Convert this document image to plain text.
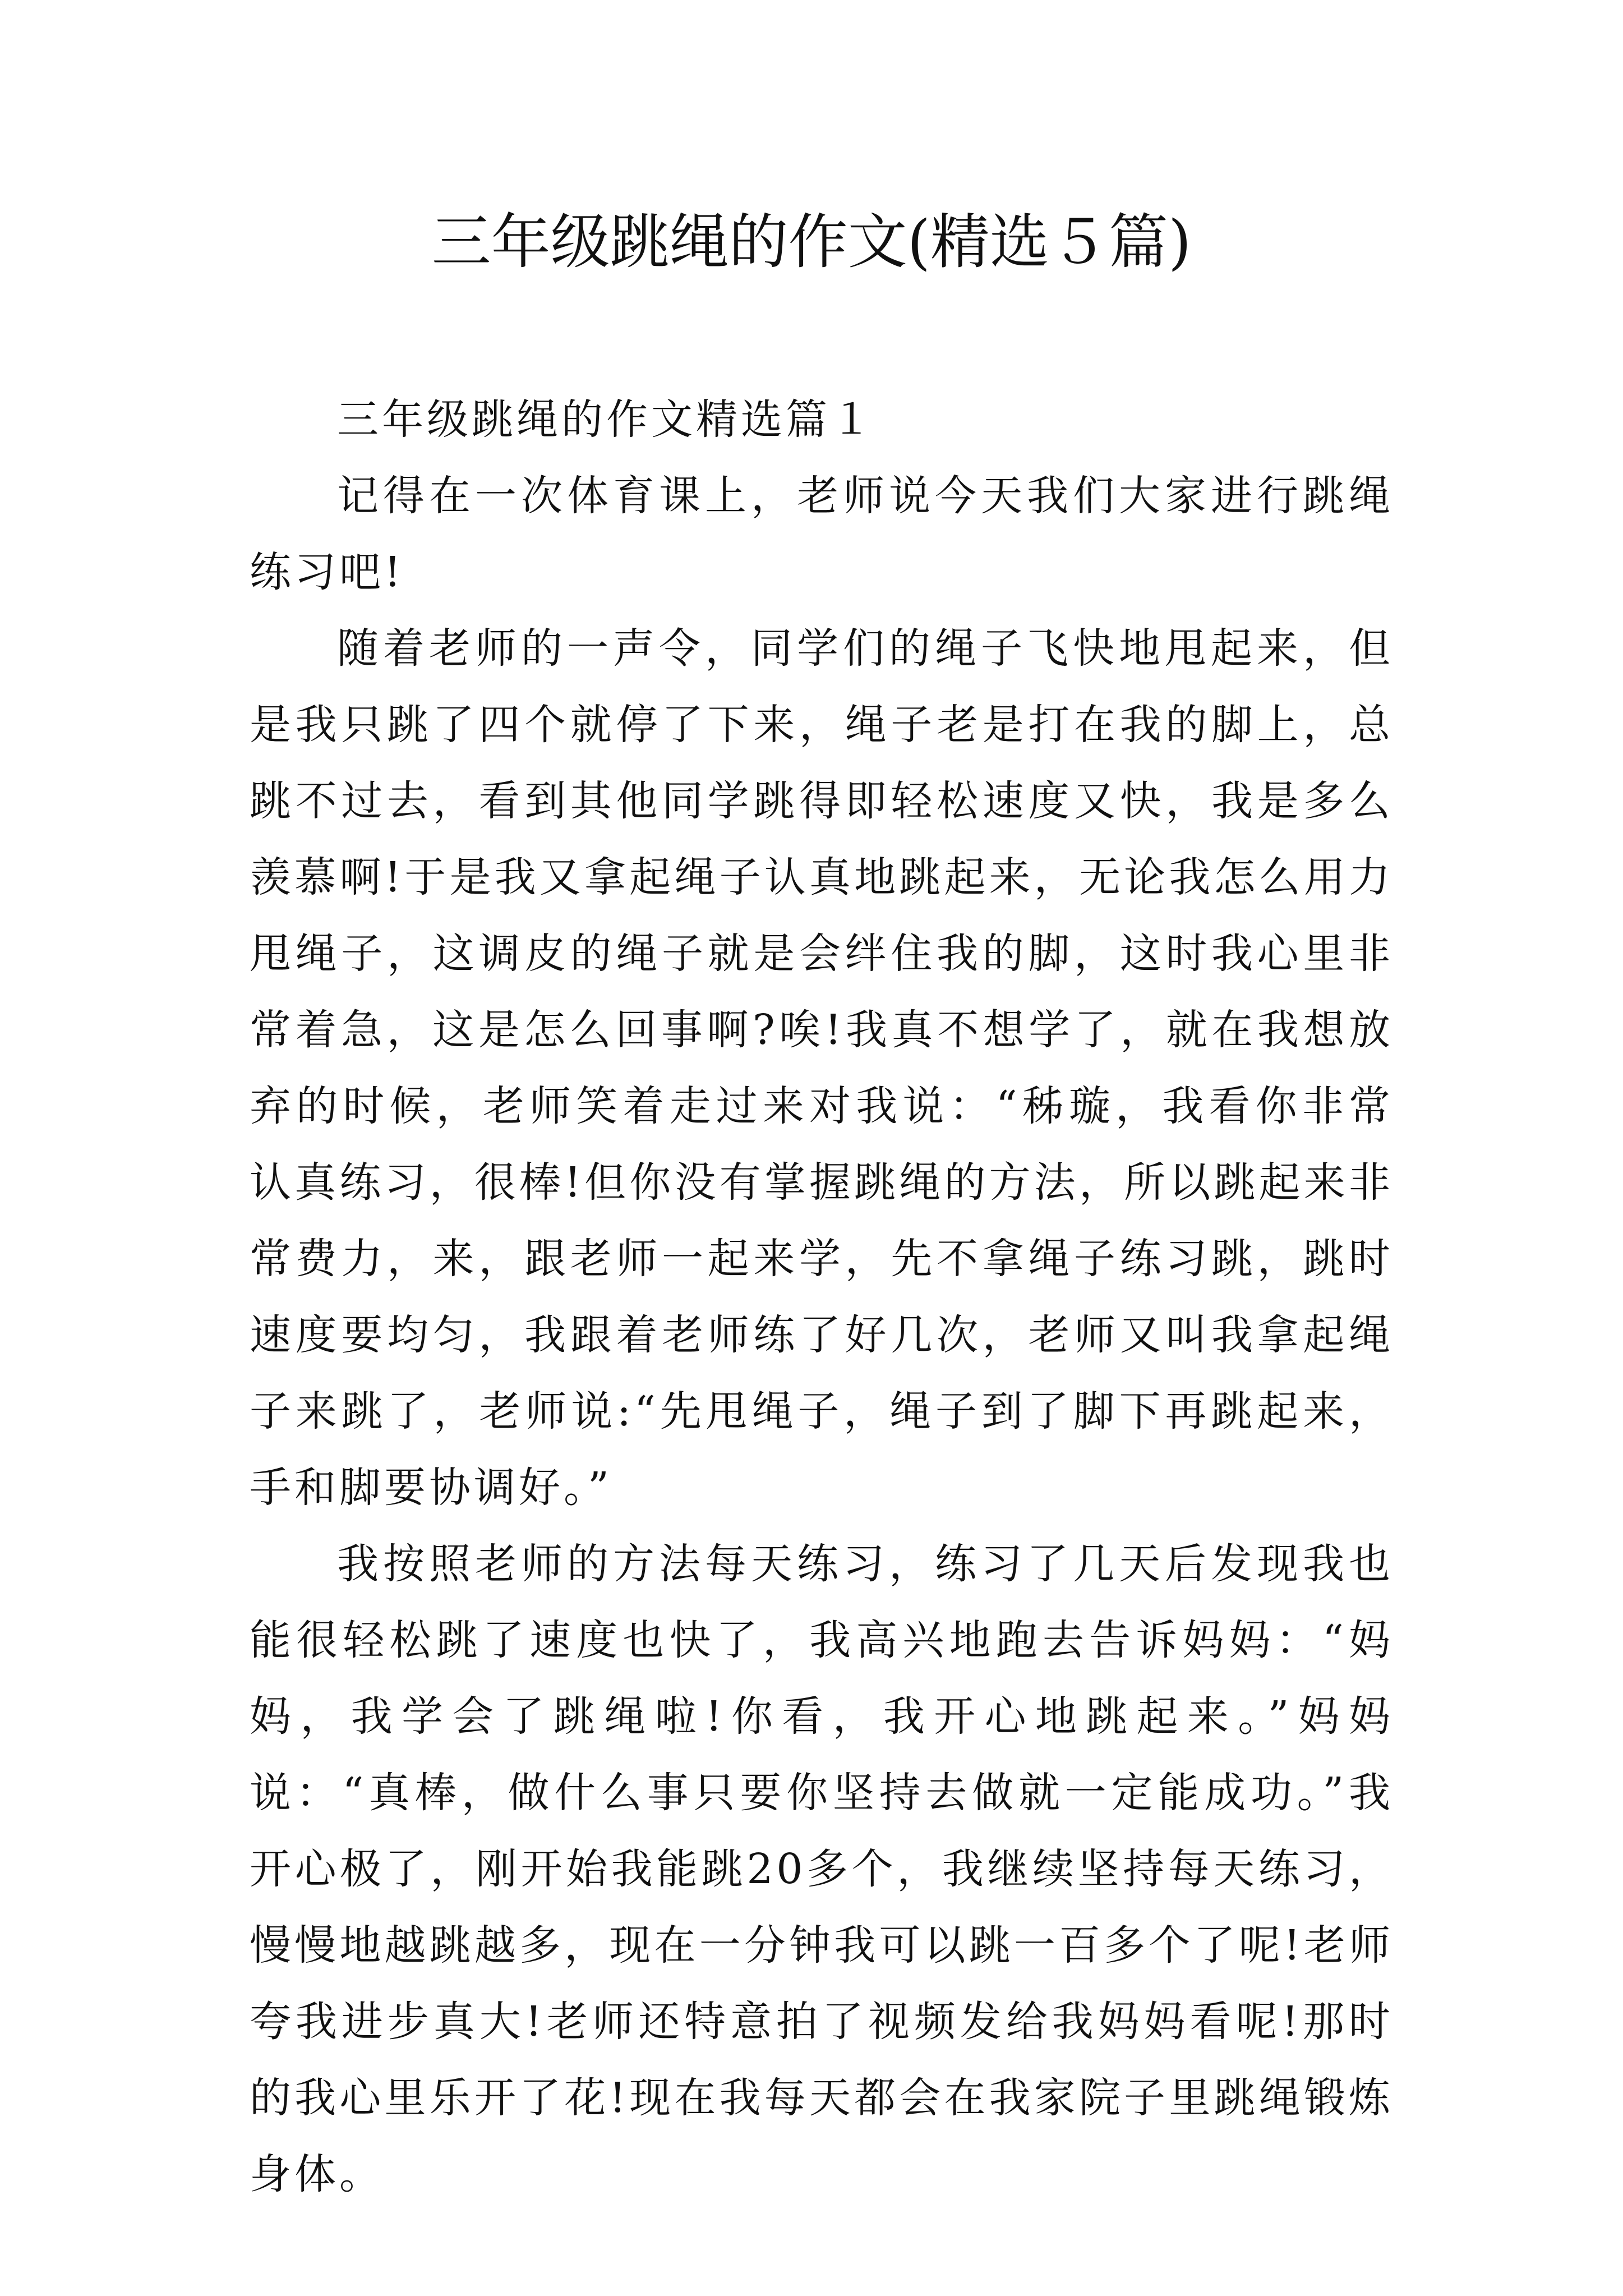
三年级跳绳的作文(精选５篇)

三年级跳绳的作文精选篇１

记得在一次体育课上，老师说今天我们大家进行跳绳练习吧!

随着老师的一声令，同学们的绳子飞快地甩起来，但是我只跳了四个就停了下来，绳子老是打在我的脚上，总跳不过去，看到其他同学跳得即轻松速度又快，我是多么羡慕啊!于是我又拿起绳子认真地跳起来，无论我怎么用力甩绳子，这调皮的绳子就是会绊住我的脚，这时我心里非常着急，这是怎么回事啊?唉!我真不想学了，就在我想放弃的时候，老师笑着走过来对我说：“秭璇，我看你非常认真练习，很棒!但你没有掌握跳绳的方法，所以跳起来非常费力，来，跟老师一起来学，先不拿绳子练习跳，跳时速度要均匀，我跟着老师练了好几次，老师又叫我拿起绳子来跳了，老师说:“先甩绳子，绳子到了脚下再跳起来，手和脚要协调好。”

我按照老师的方法每天练习，练习了几天后发现我也能很轻松跳了速度也快了，我高兴地跑去告诉妈妈：“妈妈，我学会了跳绳啦!你看，我开心地跳起来。”妈妈说：“真棒，做什么事只要你坚持去做就一定能成功。”我开心极了，刚开始我能跳20多个，我继续坚持每天练习，慢慢地越跳越多，现在一分钟我可以跳一百多个了呢!老师夸我进步真大!老师还特意拍了视频发给我妈妈看呢!那时的我心里乐开了花!现在我每天都会在我家院子里跳绳锻炼身体。
